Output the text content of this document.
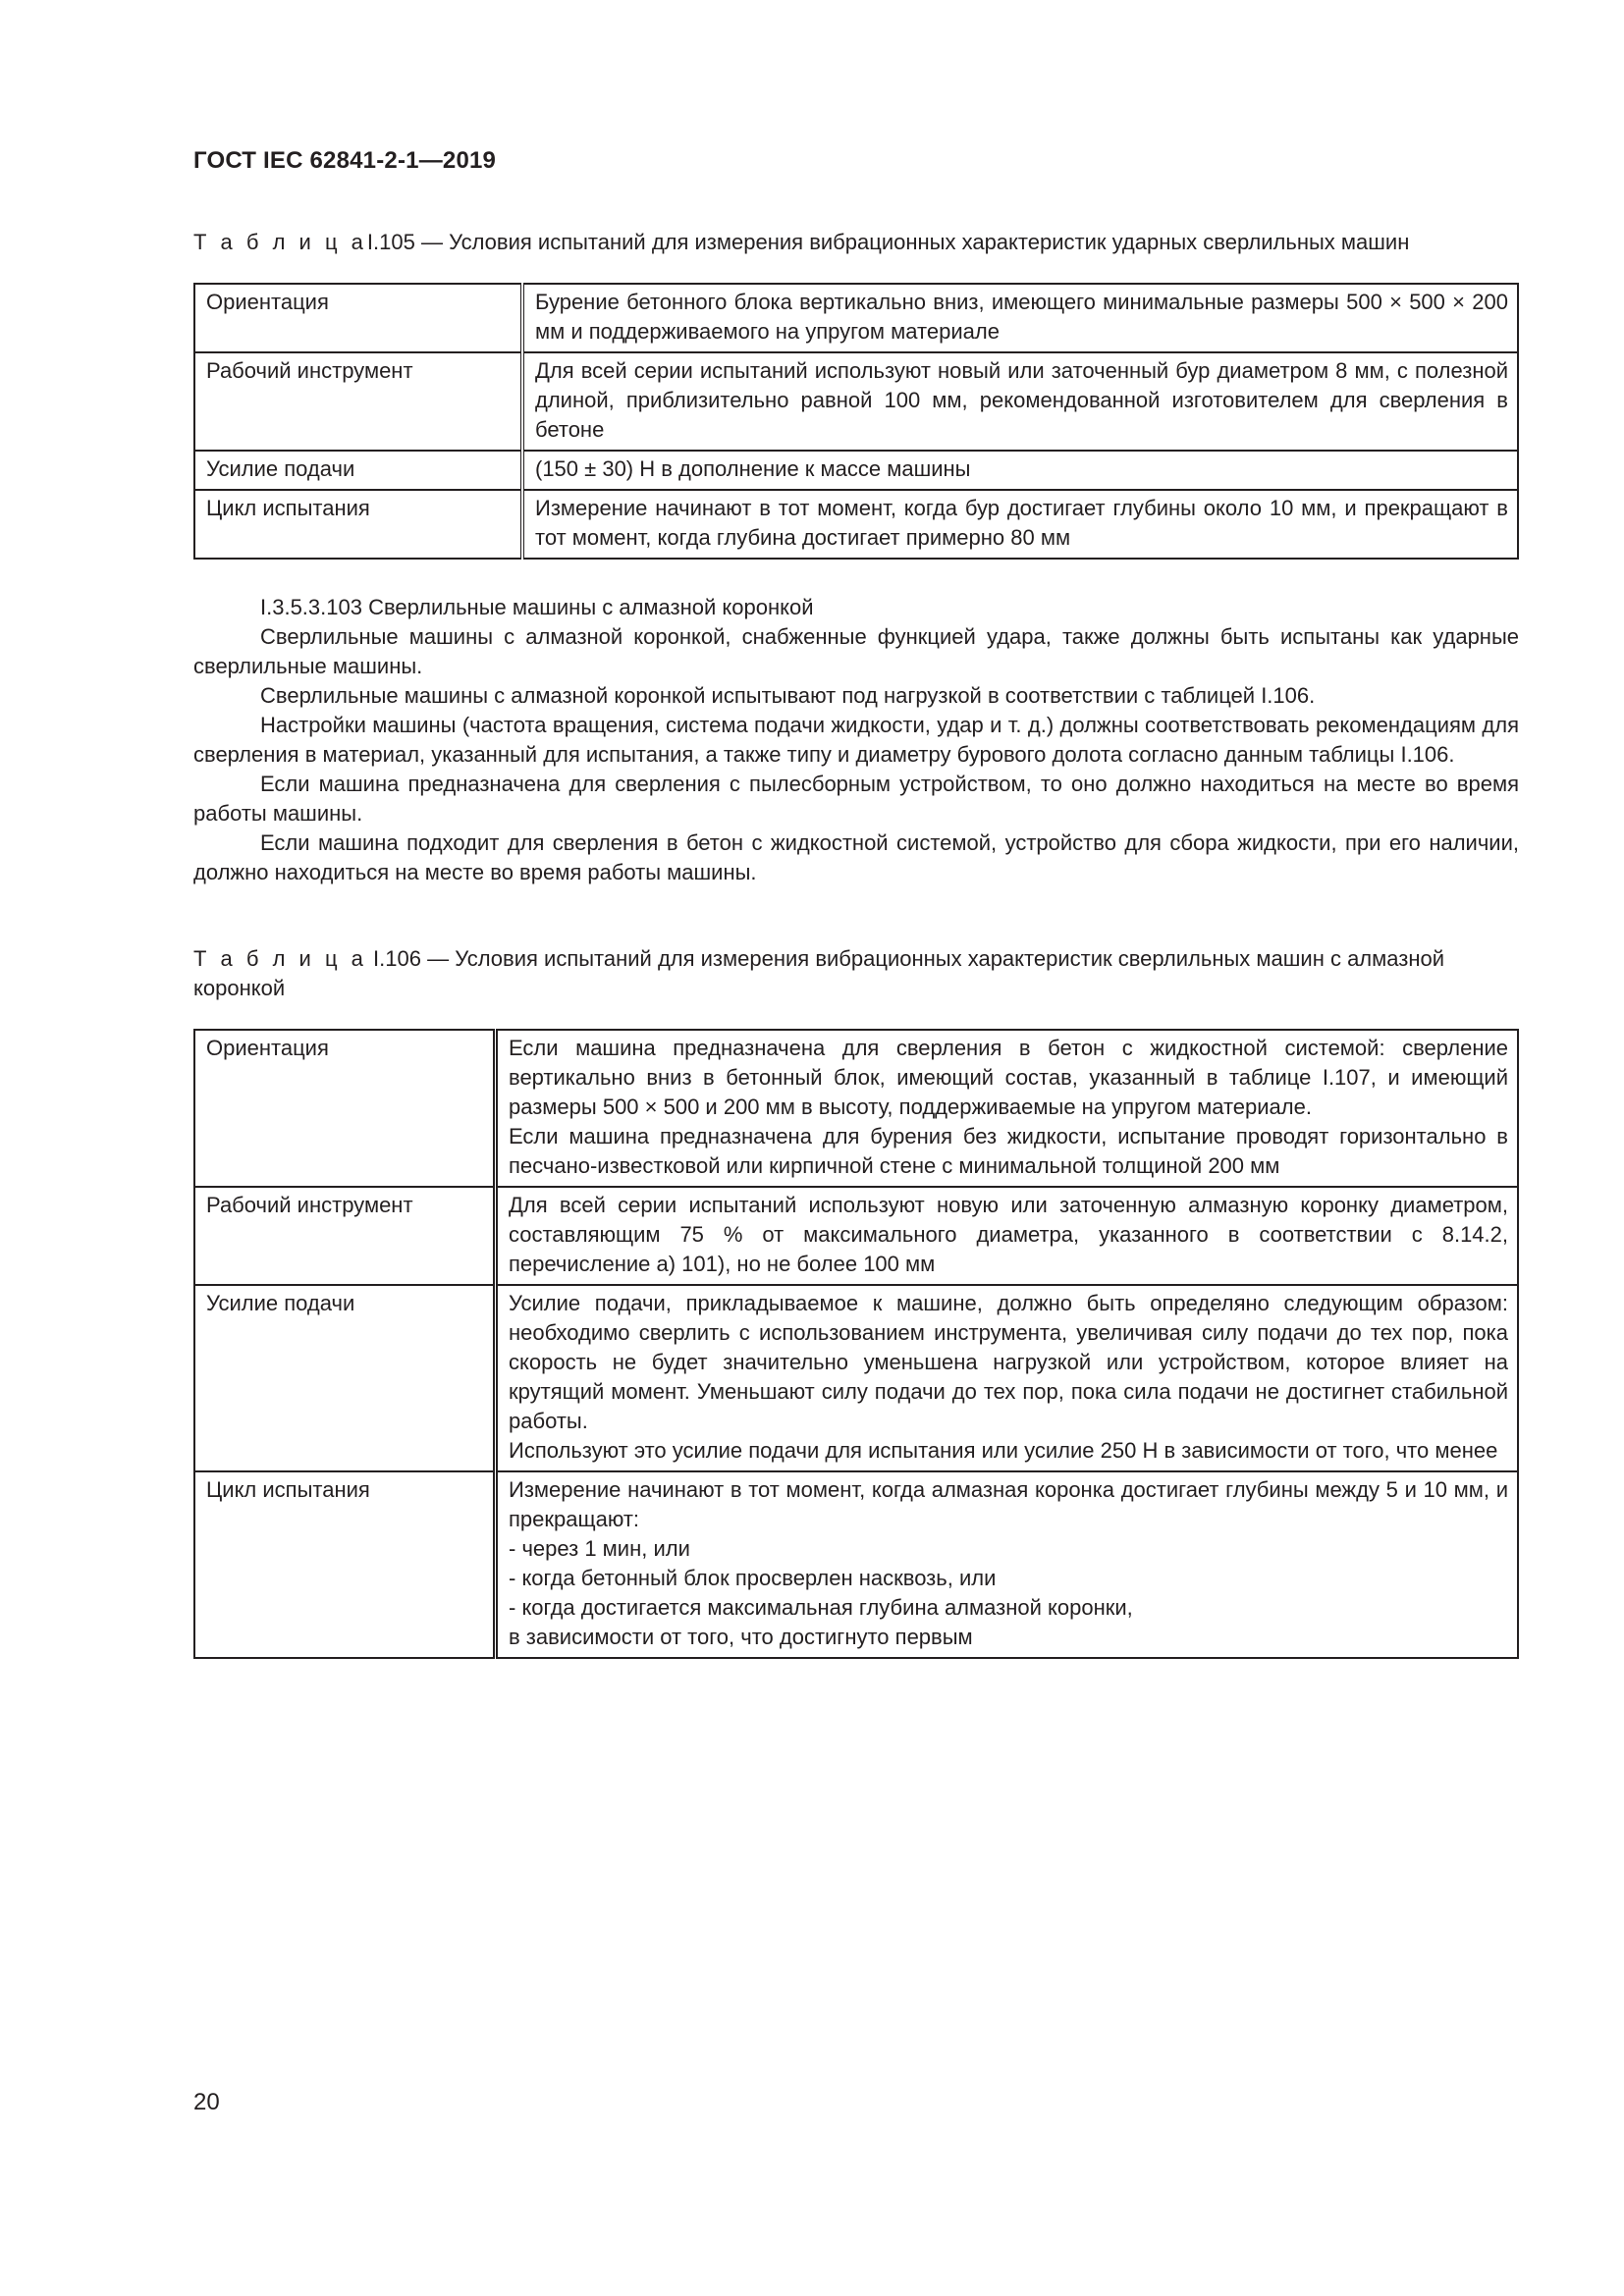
ГОСТ IEC 62841-2-1—2019
Т а б л и ц аI.105 — Условия испытаний для измерения вибрационных характеристик ударных сверлильных машин
Ориентация	Бурение бетонного блока вертикально вниз, имеющего минимальные размеры 500 × 500 × 200 мм и поддерживаемого на упругом материале
Рабочий инструмент	Для всей серии испытаний используют новый или заточенный бур диаметром 8 мм, с полезной длиной, приблизительно равной 100 мм, рекомендованной изготовителем для сверления в бетоне
Усилие подачи	(150 ± 30) Н в дополнение к массе машины
Цикл испытания	Измерение начинают в тот момент, когда бур достигает глубины около 10 мм, и прекращают в тот момент, когда глубина достигает примерно 80 мм

I.3.5.3.103 Сверлильные машины с алмазной коронкой

Сверлильные машины с алмазной коронкой, снабженные функцией удара, также должны быть испытаны как ударные сверлильные машины.

Сверлильные машины с алмазной коронкой испытывают под нагрузкой в соответствии с таблицей I.106.

Настройки машины (частота вращения, система подачи жидкости, удар и т. д.) должны соответствовать рекомендациям для сверления в материал, указанный для испытания, а также типу и диаметру бурового долота согласно данным таблицы I.106.

Если машина предназначена для сверления с пылесборным устройством, то оно должно находиться на месте во время работы машины.

Если машина подходит для сверления в бетон с жидкостной системой, устройство для сбора жидкости, при его наличии, должно находиться на месте во время работы машины.

Т а б л и ц а I.106 — Условия испытаний для измерения вибрационных характеристик сверлильных машин с алмазной коронкой
Ориентация	Если машина предназначена для сверления в бетон с жидкостной системой: сверление вертикально вниз в бетонный блок, имеющий состав, указанный в таблице I.107, и имеющий размеры 500 × 500 и 200 мм в высоту, поддерживаемые на упругом материале.
Если машина предназначена для бурения без жидкости, испытание проводят горизонтально в песчано-известковой или кирпичной стене с минимальной толщиной 200 мм

Рабочий инструмент	Для всей серии испытаний используют новую или заточенную алмазную коронку диаметром, составляющим 75 % от максимального диаметра, указанного в соответствии с 8.14.2, перечисление а) 101), но не более 100 мм

Усилие подачи	Усилие подачи, прикладываемое к машине, должно быть определяно следующим образом: необходимо сверлить с использованием инструмента, увеличивая силу подачи до тех пор, пока скорость не будет значительно уменьшена нагрузкой или устройством, которое влияет на крутящий момент. Уменьшают силу подачи до тех пор, пока сила подачи не достигнет стабильной работы.
Используют это усилие подачи для испытания или усилие 250 Н в зависимости от того, что менее

Цикл испытания	Измерение начинают в тот момент, когда алмазная коронка достигает глубины между 5 и 10 мм, и прекращают:
- через 1 мин, или
- когда бетонный блок просверлен насквозь, или
- когда достигается максимальная глубина алмазной коронки,
в зависимости от того, что достигнуто первым
20
